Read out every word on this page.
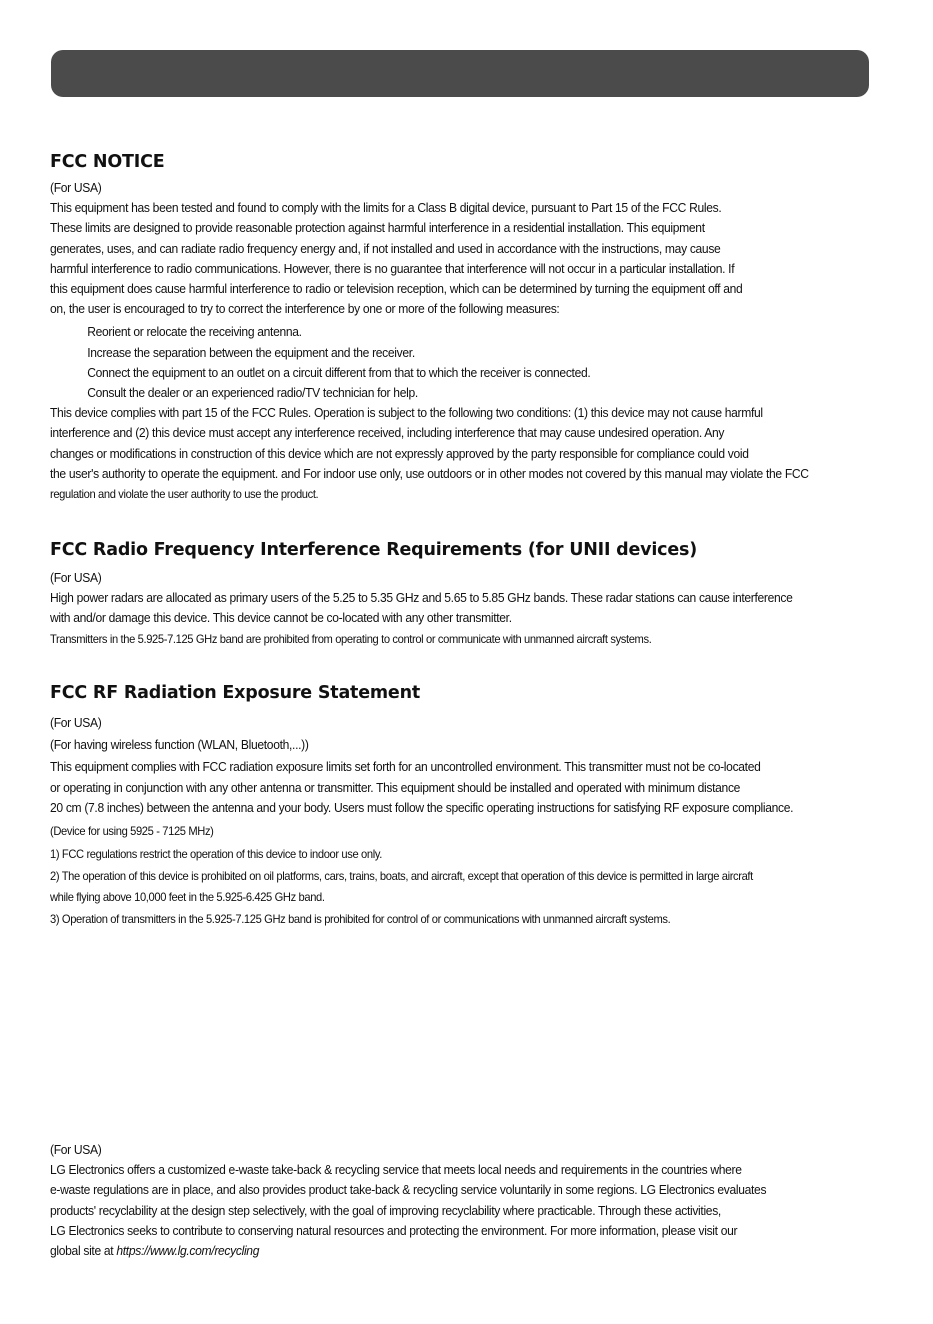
FCC NOTICE

(For USA)

This equipment has been tested and found to comply with the limits for a Class B digital device, pursuant to Part 15 of the FCC Rules.

These limits are designed to provide reasonable protection against harmful interference in a residential installation. This equipment

generates, uses, and can radiate radio frequency energy and, if not installed and used in accordance with the instructions, may cause

harmful interference to radio communications. However, there is no guarantee that interference will not occur in a particular installation. If

this equipment does cause harmful interference to radio or television reception, which can be determined by turning the equipment off and

on, the user is encouraged to try to correct the interference by one or more of the following measures:

Reorient or relocate the receiving antenna.

Increase the separation between the equipment and the receiver.

Connect the equipment to an outlet on a circuit different from that to which the receiver is connected.

Consult the dealer or an experienced radio/TV technician for help.

This device complies with part 15 of the FCC Rules. Operation is subject to the following two conditions: (1) this device may not cause harmful

interference and (2) this device must accept any interference received, including interference that may cause undesired operation. Any

changes or modifications in construction of this device which are not expressly approved by the party responsible for compliance could void

the user's authority to operate the equipment. and For indoor use only, use outdoors or in other modes not covered by this manual may violate the FCC

regulation and violate the user authority to use the product.

FCC Radio Frequency Interference Requirements (for UNII devices)

(For USA)

High power radars are allocated as primary users of the 5.25 to 5.35 GHz and 5.65 to 5.85 GHz bands. These radar stations can cause interference

with and/or damage this device. This device cannot be co-located with any other transmitter.

Transmitters in the 5.925-7.125 GHz band are prohibited from operating to control or communicate with unmanned aircraft systems.

FCC RF Radiation Exposure Statement

(For USA)

(For having wireless function (WLAN, Bluetooth,...))

This equipment complies with FCC radiation exposure limits set forth for an uncontrolled environment. This transmitter must not be co-located

or operating in conjunction with any other antenna or transmitter. This equipment should be installed and operated with minimum distance

20 cm (7.8 inches) between the antenna and your body. Users must follow the specific operating instructions for satisfying RF exposure compliance.

(Device for using 5925 - 7125 MHz)

1) FCC regulations restrict the operation of this device to indoor use only.

2) The operation of this device is prohibited on oil platforms, cars, trains, boats, and aircraft, except that operation of this device is permitted in large aircraft

while flying above 10,000 feet in the 5.925-6.425 GHz band.

3) Operation of transmitters in the 5.925-7.125 GHz band is prohibited for control of or communications with unmanned aircraft systems.

(For USA)

LG Electronics offers a customized e-waste take-back & recycling service that meets local needs and requirements in the countries where

e-waste regulations are in place, and also provides product take-back & recycling service voluntarily in some regions. LG Electronics evaluates

products' recyclability at the design step selectively, with the goal of improving recyclability where practicable. Through these activities,

LG Electronics seeks to contribute to conserving natural resources and protecting the environment. For more information, please visit our

global site at https://www.lg.com/recycling
